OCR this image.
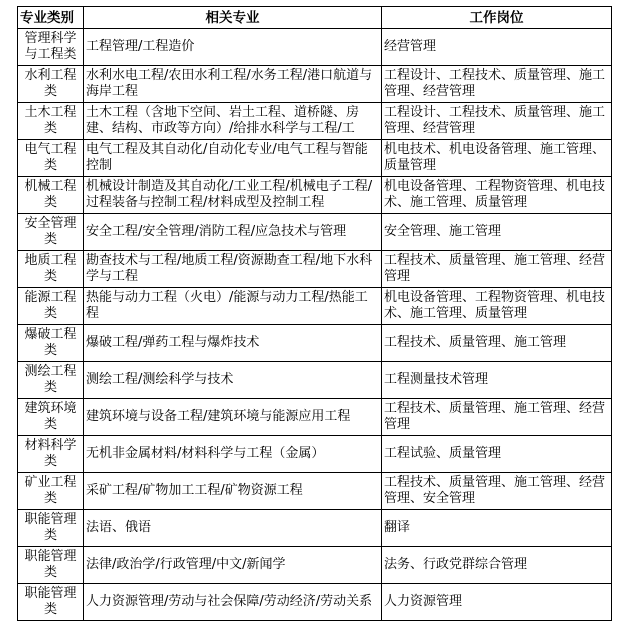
专业类别	相关专业	工作岗位
管理科学与工程类	工程管理/工程造价	经营管理
水利工程类	水利水电工程/农田水利工程/水务工程/港口航道与海岸工程	工程设计、工程技术、质量管理、施工管理、经营管理
土木工程类	土木工程（含地下空间、岩土工程、道桥隧、房建、结构、市政等方向）/给排水科学与工程/工	工程设计、工程技术、质量管理、施工管理、经营管理
电气工程类	电气工程及其自动化/自动化专业/电气工程与智能控制	机电技术、机电设备管理、施工管理、质量管理
机械工程类	机械设计制造及其自动化/工业工程/机械电子工程/过程装备与控制工程/材料成型及控制工程	机电设备管理、工程物资管理、机电技术、施工管理、质量管理
安全管理类	安全工程/安全管理/消防工程/应急技术与管理	安全管理、施工管理
地质工程类	勘查技术与工程/地质工程/资源勘查工程/地下水科学与工程	工程技术、质量管理、施工管理、经营管理
能源工程类	热能与动力工程（火电）/能源与动力工程/热能工程	机电设备管理、工程物资管理、机电技术、施工管理、质量管理
爆破工程类	爆破工程/弹药工程与爆炸技术	工程技术、质量管理、施工管理
测绘工程类	测绘工程/测绘科学与技术	工程测量技术管理
建筑环境类	建筑环境与设备工程/建筑环境与能源应用工程	工程技术、质量管理、施工管理、经营管理
材料科学类	无机非金属材料/材料科学与工程（金属）	工程试验、质量管理
矿业工程类	采矿工程/矿物加工工程/矿物资源工程	工程技术、质量管理、施工管理、经营管理、安全管理
职能管理类	法语、俄语	翻译
职能管理类	法律/政治学/行政管理/中文/新闻学	法务、行政党群综合管理
职能管理类	人力资源管理/劳动与社会保障/劳动经济/劳动关系	人力资源管理
